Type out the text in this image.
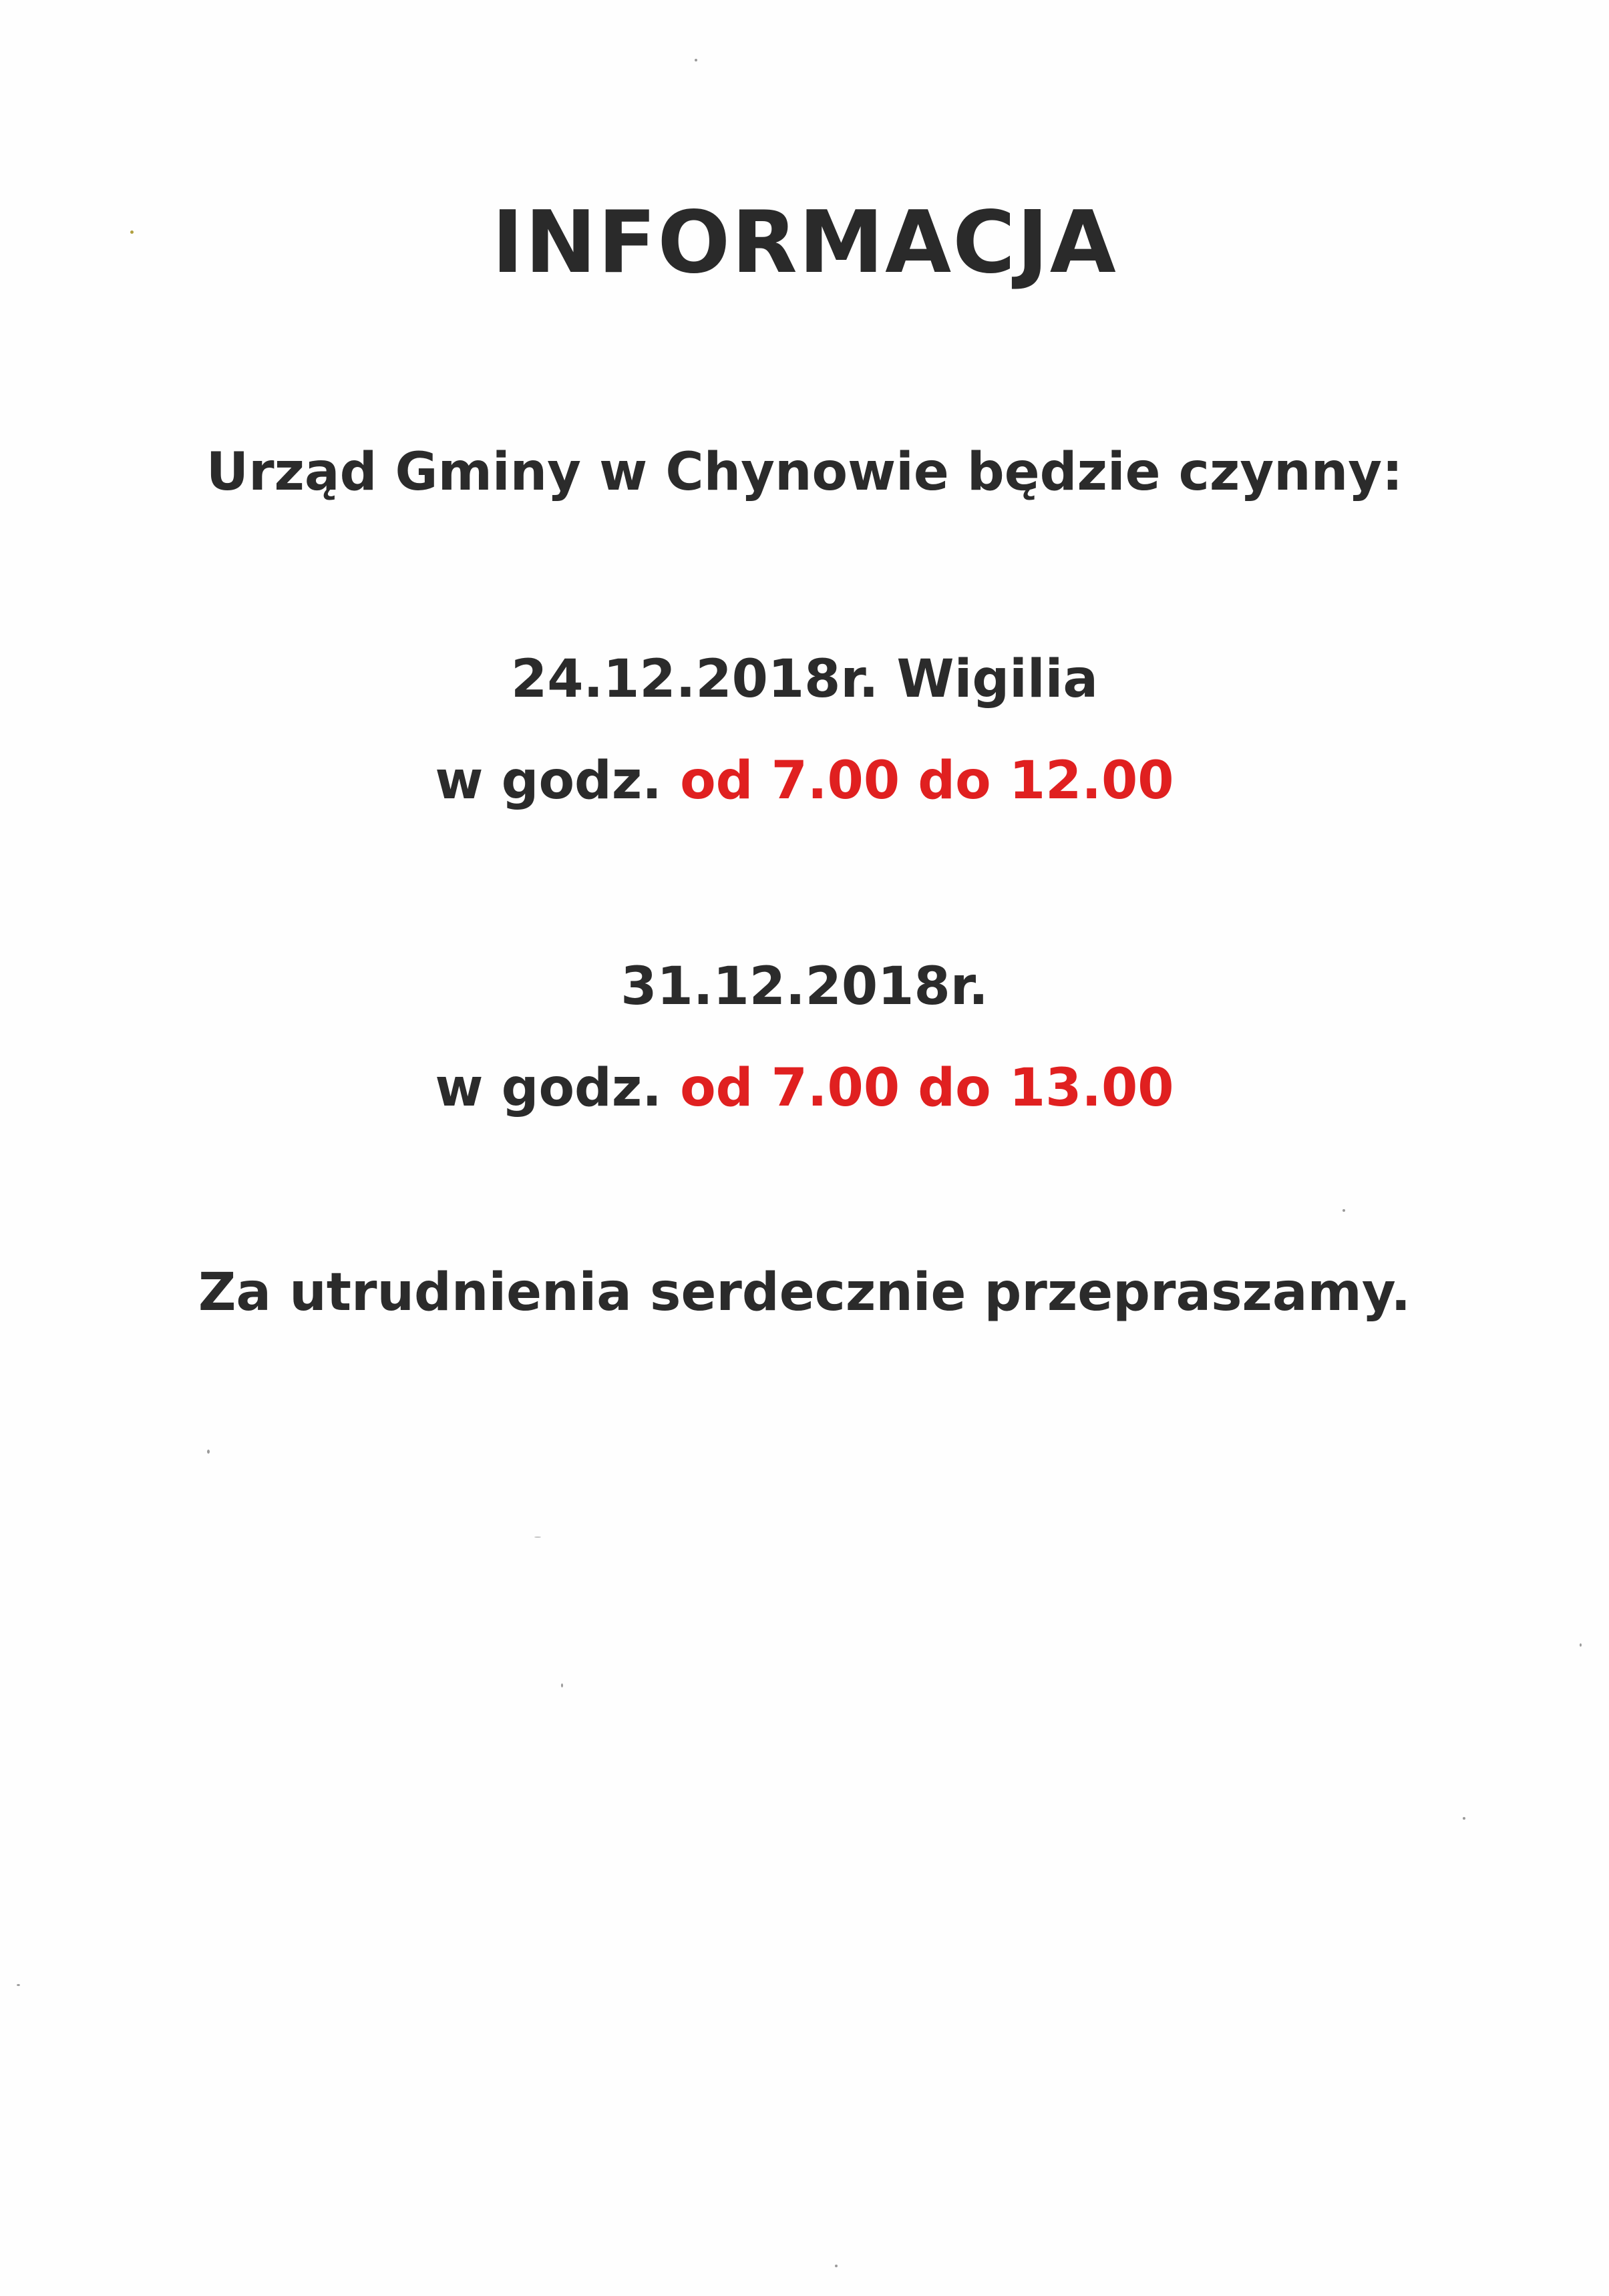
INFORMACJA
Urząd Gminy w Chynowie będzie czynny:
24.12.2018r. Wigilia
w godz. od 7.00 do 12.00
31.12.2018r.
w godz. od 7.00 do 13.00
Za utrudnienia serdecznie przepraszamy.
